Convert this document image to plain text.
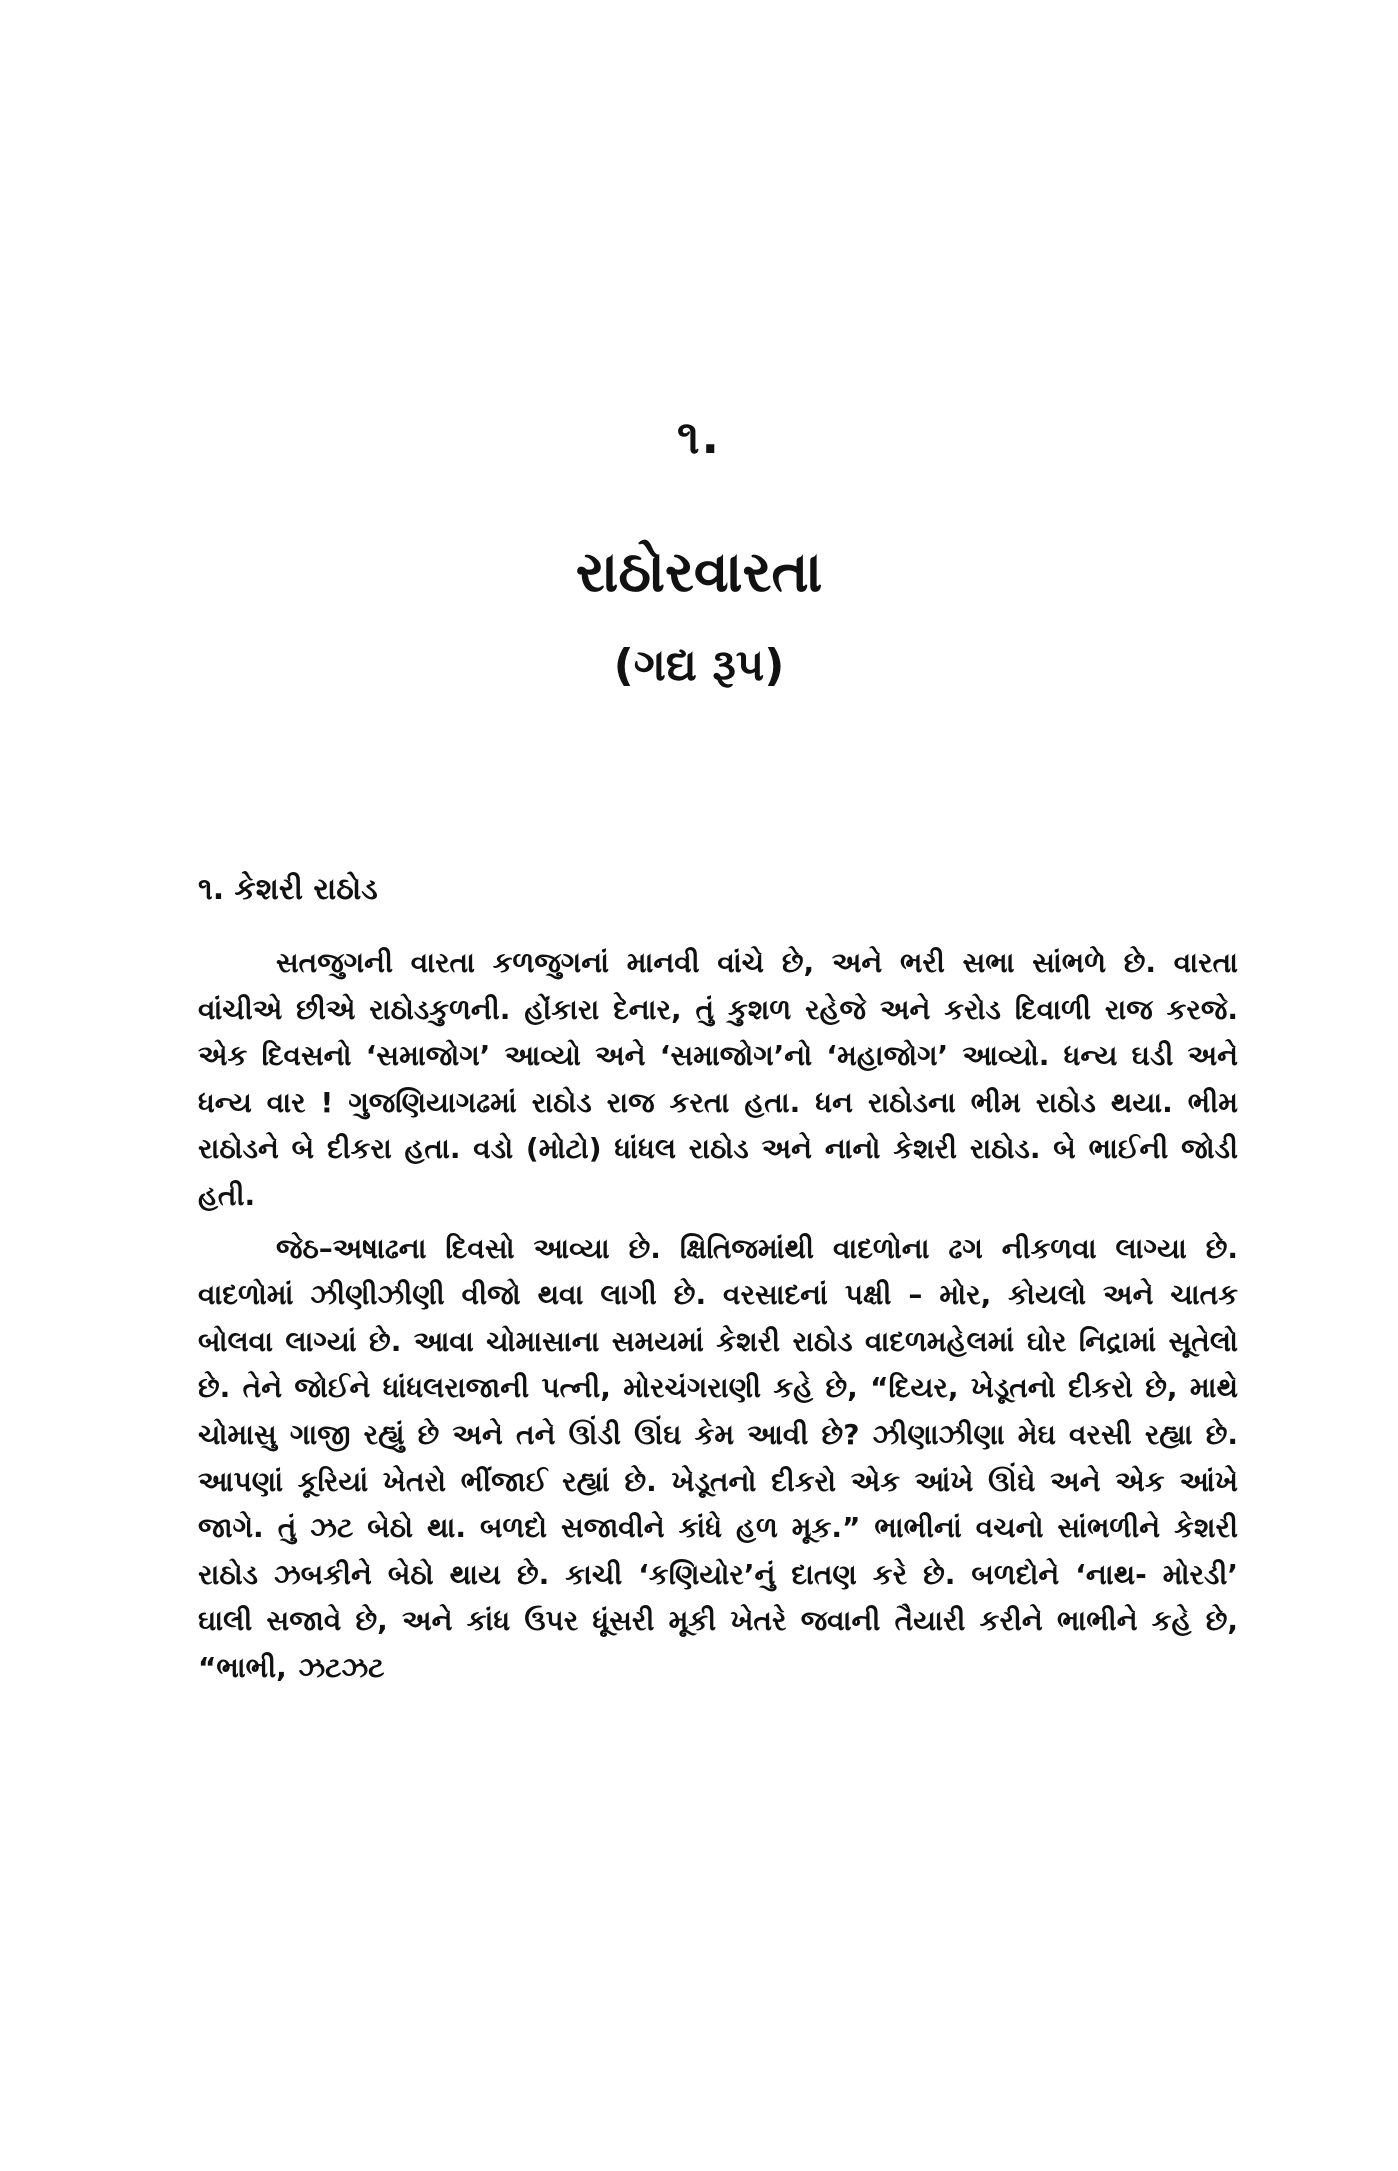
૧.
રાઠોરવારતા
(ગદ્ય રૂપ)
૧. કેશરી રાઠોડ

સતજુગની વારતા કળજુગનાં માનવી વાંચે છે, અને ભરી સભા સાંભળે છે. વારતા વાંચીએ છીએ રાઠોડકુળની. હોંકારા દેનાર, તું કુશળ રહેજે અને કરોડ દિવાળી રાજ કરજે. એક દિવસનો ‘સમાજોગ’ આવ્યો અને ‘સમાજોગ’નો ‘મહાજોગ’ આવ્યો. ધન્ય ઘડી અને ધન્ય વાર ! ગુજણિયાગઢમાં રાઠોડ રાજ કરતા હતા. ધન રાઠોડના ભીમ રાઠોડ થયા. ભીમ રાઠોડને બે દીકરા હતા. વડો (મોટો) ધાંધલ રાઠોડ અને નાનો કેશરી રાઠોડ. બે ભાઈની જોડી હતી.

જેઠ–અષાઢના દિવસો આવ્યા છે. ક્ષિતિજમાંથી વાદળોના ઢગ નીકળવા લાગ્યા છે. વાદળોમાં ઝીણીઝીણી વીજો થવા લાગી છે. વરસાદનાં પક્ષી – મોર, કોયલો અને ચાતક બોલવા લાગ્યાં છે. આવા ચોમાસાના સમયમાં કેશરી રાઠોડ વાદળમહેલમાં ઘોર નિદ્રામાં સૂતેલો છે. તેને જોઈને ધાંધલરાજાની પત્ની, મોરચંગરાણી કહે છે, “દિયર, ખેડૂતનો દીકરો છે, માથે ચોમાસુ ગાજી રહ્યું છે અને તને ઊંડી ઊંઘ કેમ આવી છે? ઝીણાઝીણા મેઘ વરસી રહ્યા છે. આપણાં કૂરિયાં ખેતરો ભીંજાઈ રહ્યાં છે. ખેડૂતનો દીકરો એક આંખે ઊંઘે અને એક આંખે જાગે. તું ઝટ બેઠો થા. બળદો સજાવીને કાંધે હળ મૂક.” ભાભીનાં વચનો સાંભળીને કેશરી રાઠોડ ઝબકીને બેઠો થાય છે. કાચી ‘કણિયોર’નું દાતણ કરે છે. બળદોને ‘નાથ- મોરડી’ ઘાલી સજાવે છે, અને કાંધ ઉપર ધૂંસરી મૂકી ખેતરે જવાની તૈયારી કરીને ભાભીને કહે છે, “ભાભી, ઝટઝટ
